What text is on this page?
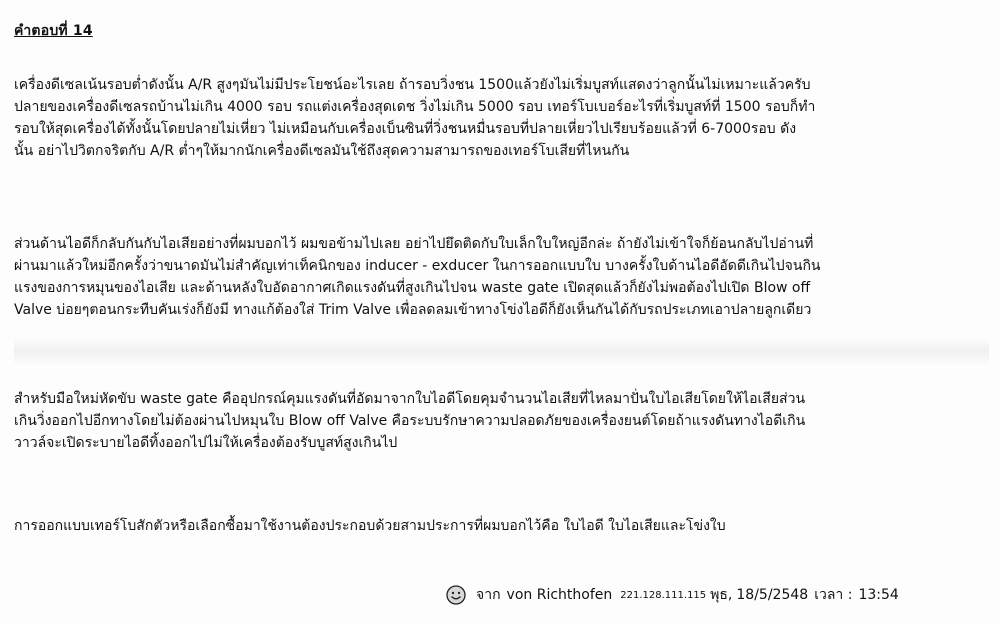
คำตอบที่ 14

เครื่องดีเซลเน้นรอบต่ำดังนั้น A/R สูงๆมันไม่มีประโยชน์อะไรเลย ถ้ารอบวิ่งชน 1500แล้วยังไม่เริ่มบูสท์แสดงว่าลูกนั้นไม่เหมาะแล้วครับ
ปลายของเครื่องดีเซลรถบ้านไม่เกิน 4000 รอบ รถแต่งเครื่องสุดเดช วิ่งไม่เกิน 5000 รอบ เทอร์โบเบอร์อะไรที่เริ่มบูสท์ที่ 1500 รอบก็ทำ
รอบให้สุดเครื่องได้ทั้งนั้นโดยปลายไม่เหี่ยว ไม่เหมือนกับเครื่องเบ็นซินที่วิ่งชนหมื่นรอบที่ปลายเหี่ยวไปเรียบร้อยแล้วที่ 6-7000รอบ ดัง
นั้น อย่าไปวิตกจริตกับ A/R ต่ำๆให้มากนักเครื่องดีเซลมันใช้ถึงสุดความสามารถของเทอร์โบเสียที่ไหนกัน

ส่วนด้านไอดีก็กลับกันกับไอเสียอย่างที่ผมบอกไว้ ผมขอข้ามไปเลย อย่าไปยึดติดกับใบเล็กใบใหญ่อีกล่ะ ถ้ายังไม่เข้าใจก็ย้อนกลับไปอ่านที่
ผ่านมาแล้วใหม่อีกครั้งว่าขนาดมันไม่สำคัญเท่าเท็คนิกของ inducer - exducer ในการออกแบบใบ บางครั้งใบด้านไอดีอัดดีเกินไปจนกิน
แรงของการหมุนของไอเสีย และด้านหลังใบอัดอากาศเกิดแรงดันที่สูงเกินไปจน waste gate เปิดสุดแล้วก็ยังไม่พอต้องไปเปิด Blow off
Valve บ่อยๆตอนกระทืบคันเร่งก็ยังมี ทางแก้ต้องใส่ Trim Valve เพื่อลดลมเข้าทางโข่งไอดีก็ยังเห็นกันได้กับรถประเภทเอาปลายลูกเดียว

สำหรับมือใหม่หัดขับ waste gate คืออุปกรณ์คุมแรงดันที่อัดมาจากใบไอดีโดยคุมจำนวนไอเสียที่ไหลมาปั่นใบไอเสียโดยให้ไอเสียส่วน
เกินวิ่งออกไปอีกทางโดยไม่ต้องผ่านไปหมุนใบ Blow off Valve คือระบบรักษาความปลอดภัยของเครื่องยนต์โดยถ้าแรงดันทางไอดีเกิน
วาวล์จะเปิดระบายไอดีทิ้งออกไปไม่ให้เครื่องต้องรับบูสท์สูงเกินไป

การออกแบบเทอร์โบสักตัวหรือเลือกซื้อมาใช้งานต้องประกอบด้วยสามประการที่ผมบอกไว้คือ ใบไอดี ใบไอเสียและโข่งใบ

จาก von Richthofen 221.128.111.115 พุธ, 18/5/2548 เวลา : 13:54
